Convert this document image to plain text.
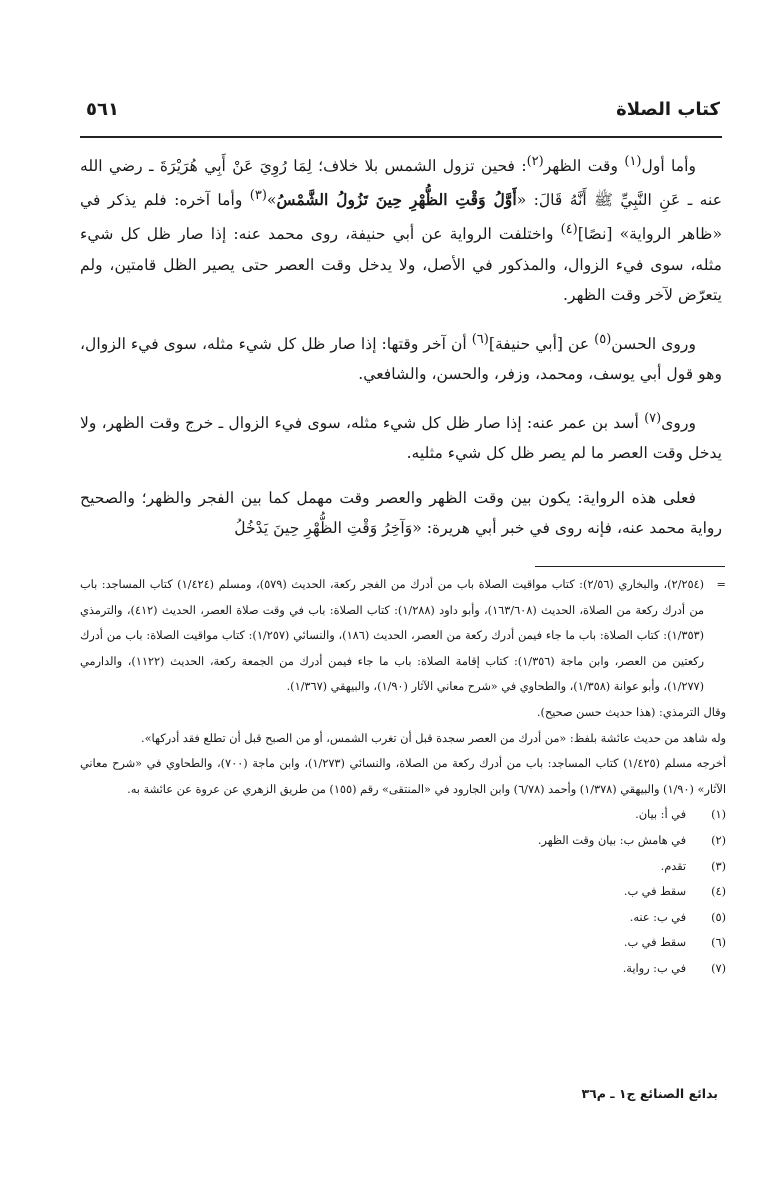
كتاب الصلاة
٥٦١

وأما أول$^{(١)}$ وقت الظهر$^{(٢)}$: فحين تزول الشمس بلا خلاف؛ لِمَا رُوِيَ عَنْ أَبِي هُرَيْرَةَ ـ رضي الله عنه ـ عَنِ النَّبِيِّ ﷺ أَنَّهُ قَالَ: «أَوَّلُ وَقْتِ الظُّهْرِ حِينَ تَزُولُ الشَّمْسُ»$^{(٣)}$ وأما آخره: فلم يذكر في «ظاهر الرواية» [نصًا]$^{(٤)}$ واختلفت الرواية عن أبي حنيفة، روى محمد عنه: إذا صار ظل كل شيء مثله، سوى فيء الزوال، والمذكور في الأصل، ولا يدخل وقت العصر حتى يصير الظل قامتين، ولم يتعرّض لآخر وقت الظهر.

وروى الحسن$^{(٥)}$ عن [أبي حنيفة]$^{(٦)}$ أن آخر وقتها: إذا صار ظل كل شيء مثله، سوى فيء الزوال، وهو قول أبي يوسف، ومحمد، وزفر، والحسن، والشافعي.

وروى$^{(٧)}$ أسد بن عمر عنه: إذا صار ظل كل شيء مثله، سوى فيء الزوال ـ خرج وقت الظهر، ولا يدخل وقت العصر ما لم يصر ظل كل شيء مثليه.

فعلى هذه الرواية: يكون بين وقت الظهر والعصر وقت مهمل كما بين الفجر والظهر؛ والصحيح رواية محمد عنه، فإنه روى في خبر أبي هريرة: «وَآخِرُ وَقْتِ الظُّهْرِ حِينَ يَدْخُلُ

=
(٢/٢٥٤)، والبخاري (٢/٥٦): كتاب مواقيت الصلاة باب من أدرك من الفجر ركعة، الحديث (٥٧٩)، ومسلم (١/٤٢٤) كتاب المساجد: باب من أدرك ركعة من الصلاة، الحديث (١٦٣/٦٠٨)، وأبو داود (١/٢٨٨): كتاب الصلاة: باب في وقت صلاة العصر، الحديث (٤١٢)، والترمذي (١/٣٥٣): كتاب الصلاة: باب ما جاء فيمن أدرك ركعة من العصر، الحديث (١٨٦)، والنسائي (١/٢٥٧): كتاب مواقيت الصلاة: باب من أدرك ركعتين من العصر، وابن ماجة (١/٣٥٦): كتاب إقامة الصلاة: باب ما جاء فيمن أدرك من الجمعة ركعة، الحديث (١١٢٢)، والدارمي (١/٢٧٧)، وأبو عوانة (١/٣٥٨)، والطحاوي في «شرح معاني الآثار (١/٩٠)، والبيهقي (١/٣٦٧).
وقال الترمذي: (هذا حديث حسن صحيح).
وله شاهد من حديث عائشة بلفظ: «من أدرك من العصر سجدة قبل أن تغرب الشمس، أو من الصبح قبل أن تطلع فقد أدركها».
أخرجه مسلم (١/٤٢٥) كتاب المساجد: باب من أدرك ركعة من الصلاة، والنسائي (١/٢٧٣)، وابن ماجة (٧٠٠)، والطحاوي في «شرح معاني الآثار» (١/٩٠) والبيهقي (١/٣٧٨) وأحمد (٦/٧٨) وابن الجارود في «المنتقى» رقم (١٥٥) من طريق الزهري عن عروة عن عائشة به.
(١)
في أ: بيان.
(٢)
في هامش ب: بيان وقت الظهر.
(٣)
تقدم.
(٤)
سقط في ب.
(٥)
في ب: عنه.
(٦)
سقط في ب.
(٧)
في ب: رواية.
بدائع الصنائع ج١ ـ م٣٦
